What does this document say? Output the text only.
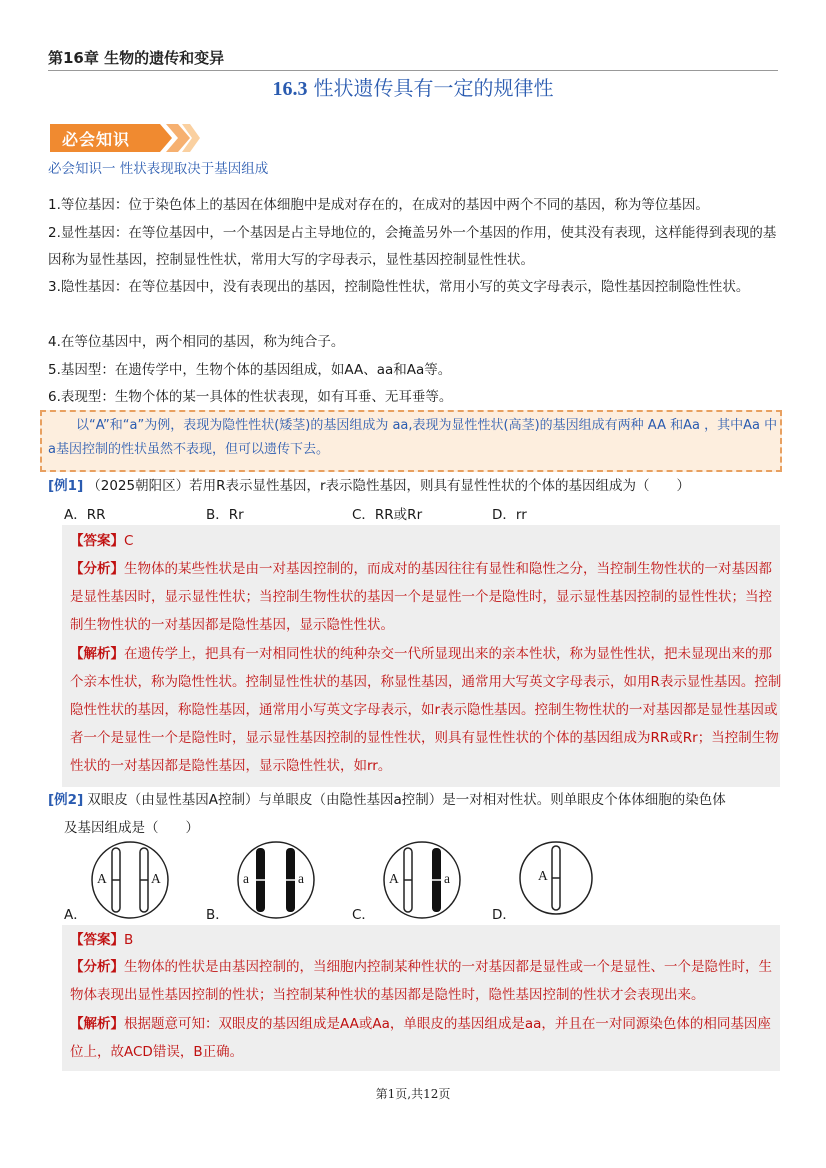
第16章 生物的遗传和变异
16.3 性状遗传具有一定的规律性
必会知识
必会知识一 性状表现取决于基因组成
1.等位基因：位于染色体上的基因在体细胞中是成对存在的，在成对的基因中两个不同的基因，称为等位基因。
2.显性基因：在等位基因中，一个基因是占主导地位的，会掩盖另外一个基因的作用，使其没有表现，这样能得到表现的基因称为显性基因，控制显性性状，常用大写的字母表示，显性基因控制显性性状。
3.隐性基因：在等位基因中，没有表现出的基因，控制隐性性状，常用小写的英文字母表示，隐性基因控制隐性性状。
4.在等位基因中，两个相同的基因，称为纯合子。
5.基因型：在遗传学中，生物个体的基因组成，如AA、aa和Aa等。
6.表现型：生物个体的某一具体的性状表现，如有耳垂、无耳垂等。
以“A”和“a”为例，表现为隐性性状(矮茎)的基因组成为 aa,表现为显性性状(高茎)的基因组成有两种 AA 和Aa ，其中Aa 中a基因控制的性状虽然不表现，但可以遗传下去。
[例1] （2025朝阳区）若用R表示显性基因，r表示隐性基因，则具有显性性状的个体的基因组成为（　　）
A．RR	B．Rr	C．RR或Rr	D．rr
【答案】C
【分析】生物体的某些性状是由一对基因控制的，而成对的基因往往有显性和隐性之分，当控制生物性状的一对基因都是显性基因时，显示显性性状；当控制生物性状的基因一个是显性一个是隐性时，显示显性基因控制的显性性状；当控制生物性状的一对基因都是隐性基因，显示隐性性状。
【解析】在遗传学上，把具有一对相同性状的纯种杂交一代所显现出来的亲本性状，称为显性性状，把未显现出来的那个亲本性状，称为隐性性状。控制显性性状的基因，称显性基因，通常用大写英文字母表示，如用R表示显性基因。控制隐性性状的基因，称隐性基因，通常用小写英文字母表示，如r表示隐性基因。控制生物性状的一对基因都是显性基因或者一个是显性一个是隐性时，显示显性基因控制的显性性状，则具有显性性状的个体的基因组成为RR或Rr；当控制生物性状的一对基因都是隐性基因，显示隐性性状，如rr。
[例2] 双眼皮（由显性基因A控制）与单眼皮（由隐性基因a控制）是一对相对性状。则单眼皮个体体细胞的染色体
及基因组成是（　　）
A	A	a	a	A	a	A
A．	B．	C．	D．
【答案】B
【分析】生物体的性状是由基因控制的，当细胞内控制某种性状的一对基因都是显性或一个是显性、一个是隐性时，生物体表现出显性基因控制的性状；当控制某种性状的基因都是隐性时，隐性基因控制的性状才会表现出来。
【解析】根据题意可知：双眼皮的基因组成是AA或Aa，单眼皮的基因组成是aa，并且在一对同源染色体的相同基因座位上，故ACD错误，B正确。
第1页,共12页
